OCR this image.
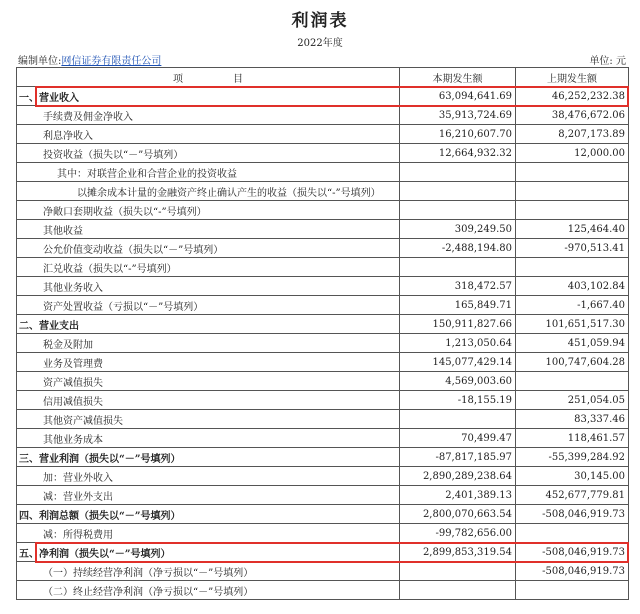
利润表
2022年度
编制单位:网信证券有限责任公司	单位: 元
项　　　　　目	本期发生额	上期发生额
一、营业收入	63,094,641.69	46,252,232.38
手续费及佣金净收入	35,913,724.69	38,476,672.06
利息净收入	16,210,607.70	8,207,173.89
投资收益（损失以“－”号填列）	12,664,932.32	12,000.00
其中：对联营企业和合营企业的投资收益		
以摊余成本计量的金融资产终止确认产生的收益（损失以“-”号填列）		
净敞口套期收益（损失以“-”号填列）		
其他收益	309,249.50	125,464.40
公允价值变动收益（损失以“－”号填列）	-2,488,194.80	-970,513.41
汇兑收益（损失以“-”号填列）		
其他业务收入	318,472.57	403,102.84
资产处置收益（亏损以“－”号填列）	165,849.71	-1,667.40
二、营业支出	150,911,827.66	101,651,517.30
税金及附加	1,213,050.64	451,059.94
业务及管理费	145,077,429.14	100,747,604.28
资产减值损失	4,569,003.60	
信用减值损失	-18,155.19	251,054.05
其他资产减值损失		83,337.46
其他业务成本	70,499.47	118,461.57
三、营业利润（损失以“－”号填列）	-87,817,185.97	-55,399,284.92
加：营业外收入	2,890,289,238.64	30,145.00
减：营业外支出	2,401,389.13	452,677,779.81
四、利润总额（损失以“－”号填列）	2,800,070,663.54	-508,046,919.73
减：所得税费用	-99,782,656.00	
五、净利润（损失以“－”号填列）	2,899,853,319.54	-508,046,919.73
（一）持续经营净利润（净亏损以“－”号填列）		-508,046,919.73
（二）终止经营净利润（净亏损以“－”号填列）		
